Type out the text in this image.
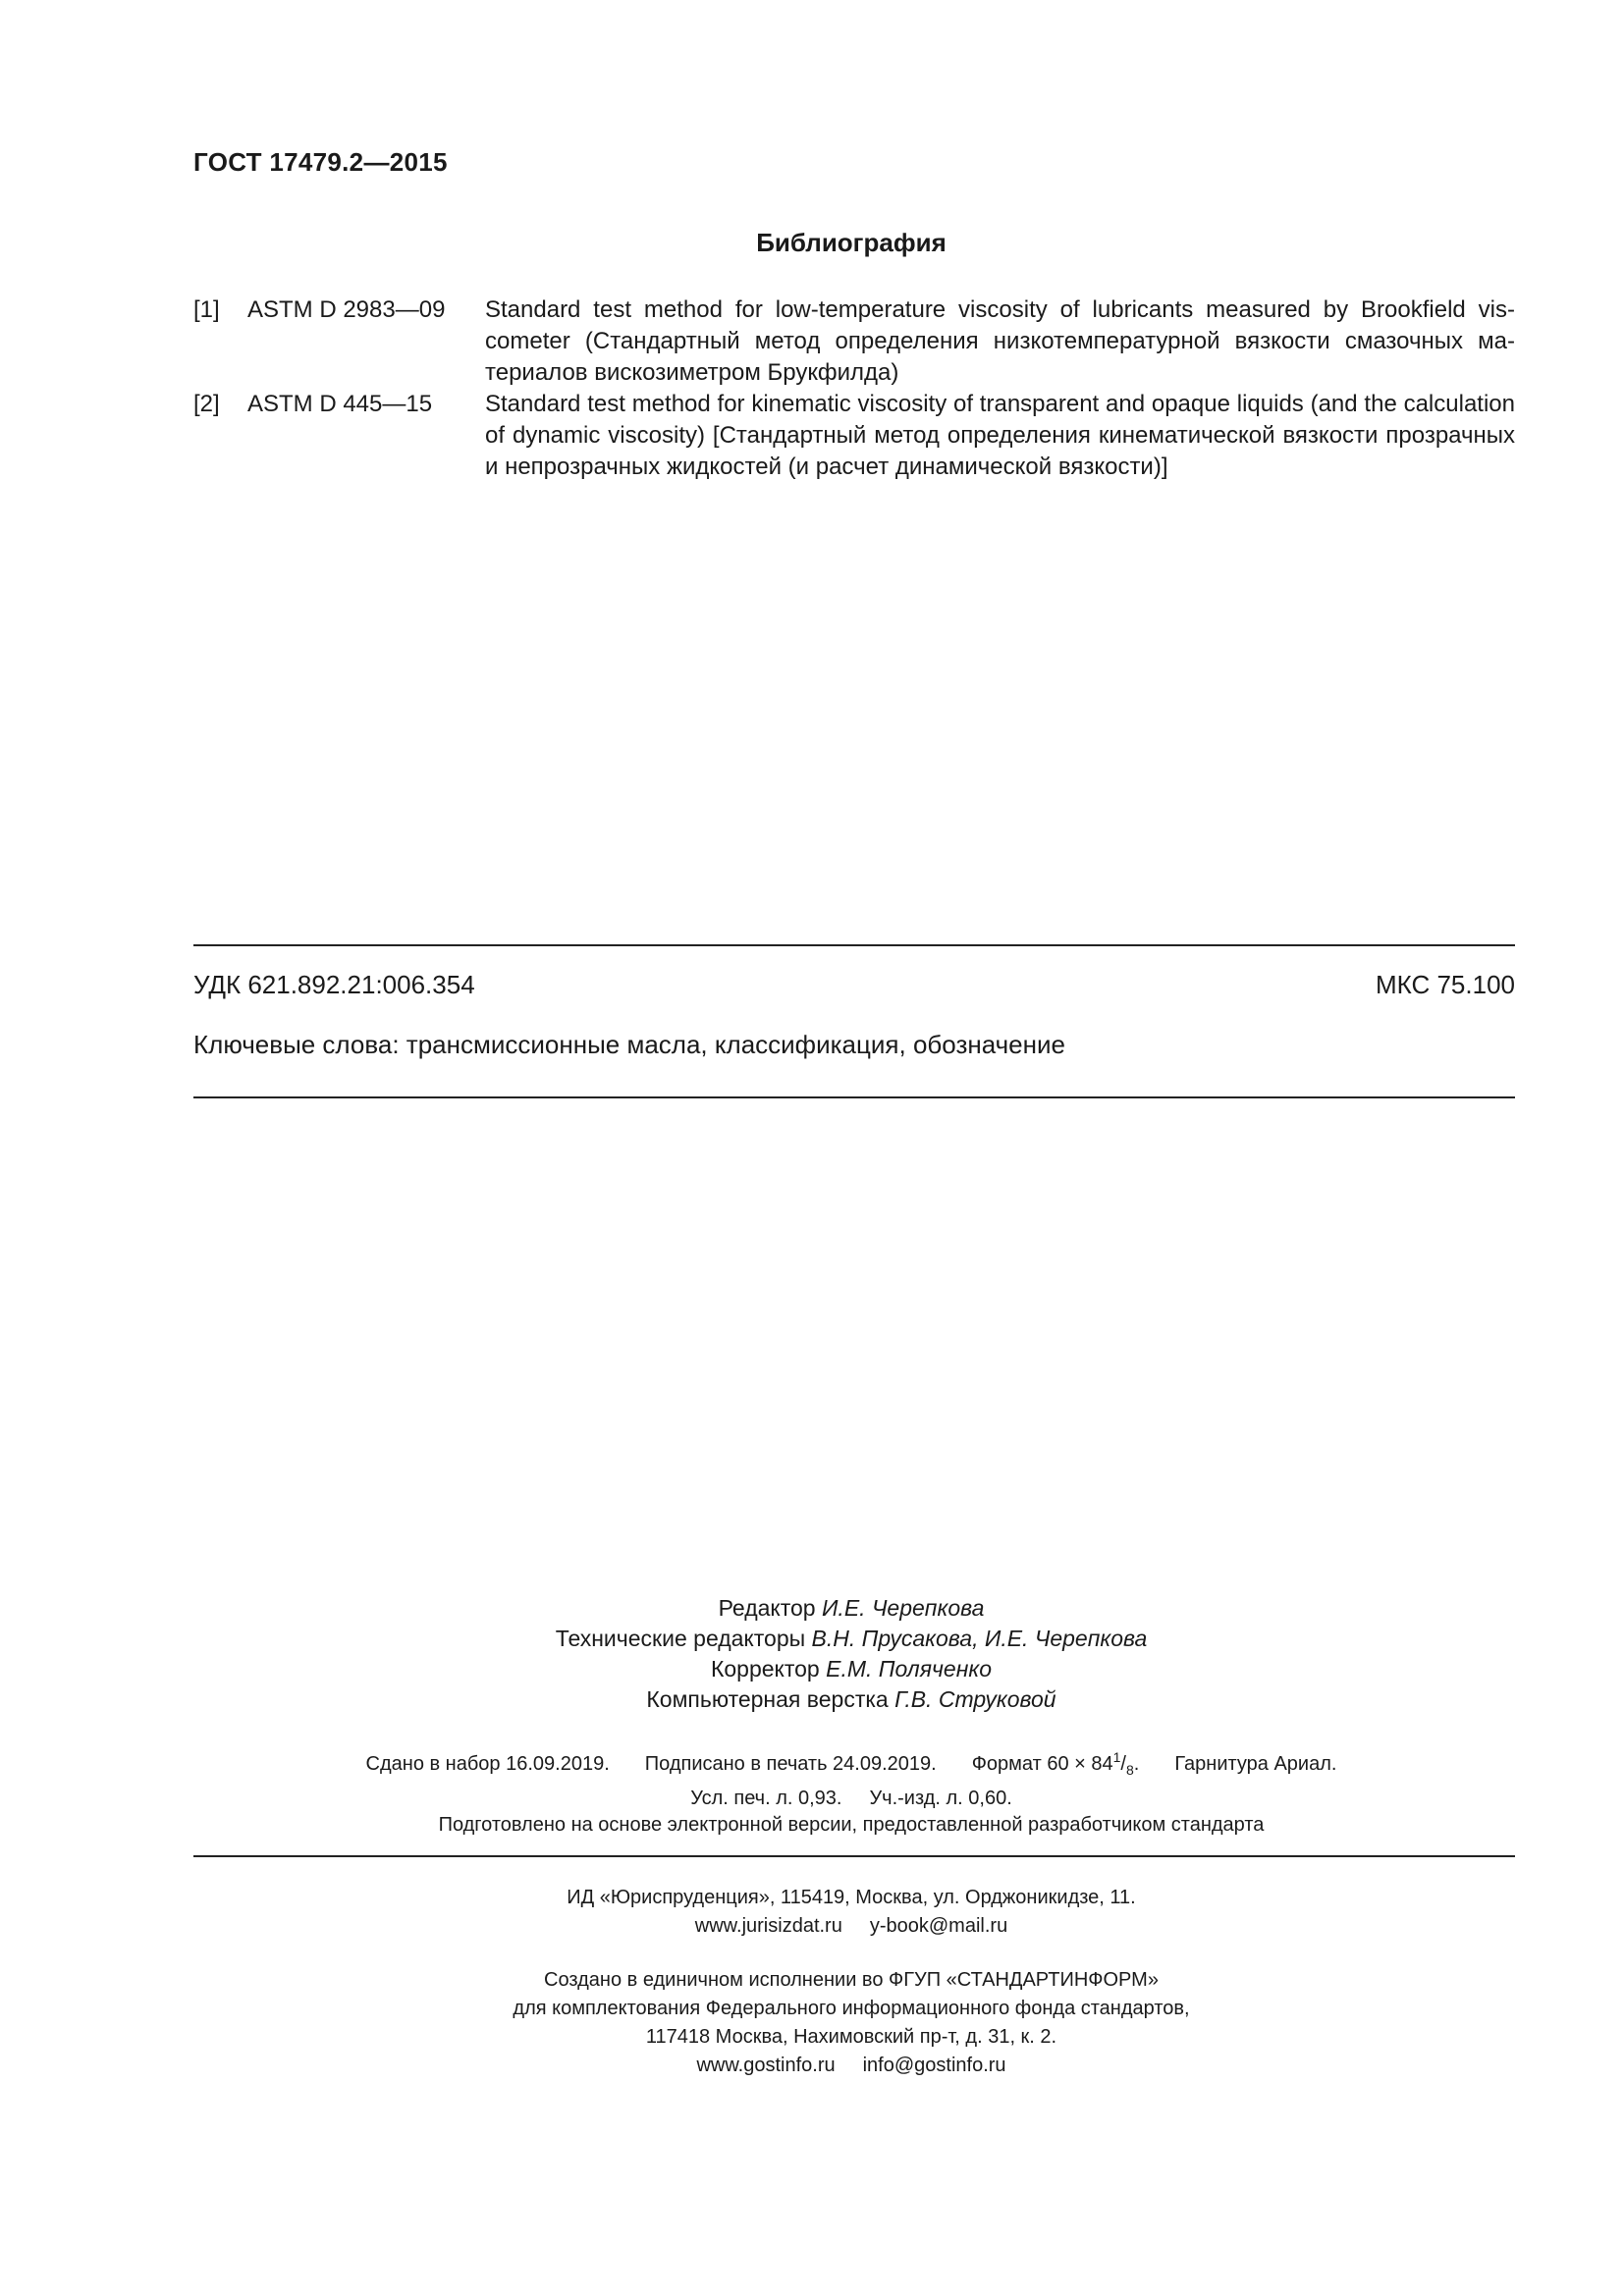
ГОСТ 17479.2—2015
Библиография
[1] ASTM D 2983—09 Standard test method for low-temperature viscosity of lubricants measured by Brookfield viscometer (Стандартный метод определения низкотемпературной вязкости смазочных материалов вискозиметром Брукфилда)
[2] ASTM D 445—15 Standard test method for kinematic viscosity of transparent and opaque liquids (and the calculation of dynamic viscosity) [Стандартный метод определения кинематической вязкости прозрачных и непрозрачных жидкостей (и расчет динамической вязкости)]
УДК 621.892.21:006.354	МКС 75.100
Ключевые слова: трансмиссионные масла, классификация, обозначение
Редактор И.Е. Черепкова
Технические редакторы В.Н. Прусакова, И.Е. Черепкова
Корректор Е.М. Поляченко
Компьютерная верстка Г.В. Струковой
Сдано в набор 16.09.2019. Подписано в печать 24.09.2019. Формат $60 \times 84^1/_8$. Гарнитура Ариал.
Усл. печ. л. 0,93. Уч.-изд. л. 0,60.
Подготовлено на основе электронной версии, предоставленной разработчиком стандарта
ИД «Юриспруденция», 115419, Москва, ул. Орджоникидзе, 11.
www.jurisizdat.ru y-book@mail.ru
Создано в единичном исполнении во ФГУП «СТАНДАРТИНФОРМ»
для комплектования Федерального информационного фонда стандартов,
117418 Москва, Нахимовский пр-т, д. 31, к. 2.
www.gostinfo.ru info@gostinfo.ru
